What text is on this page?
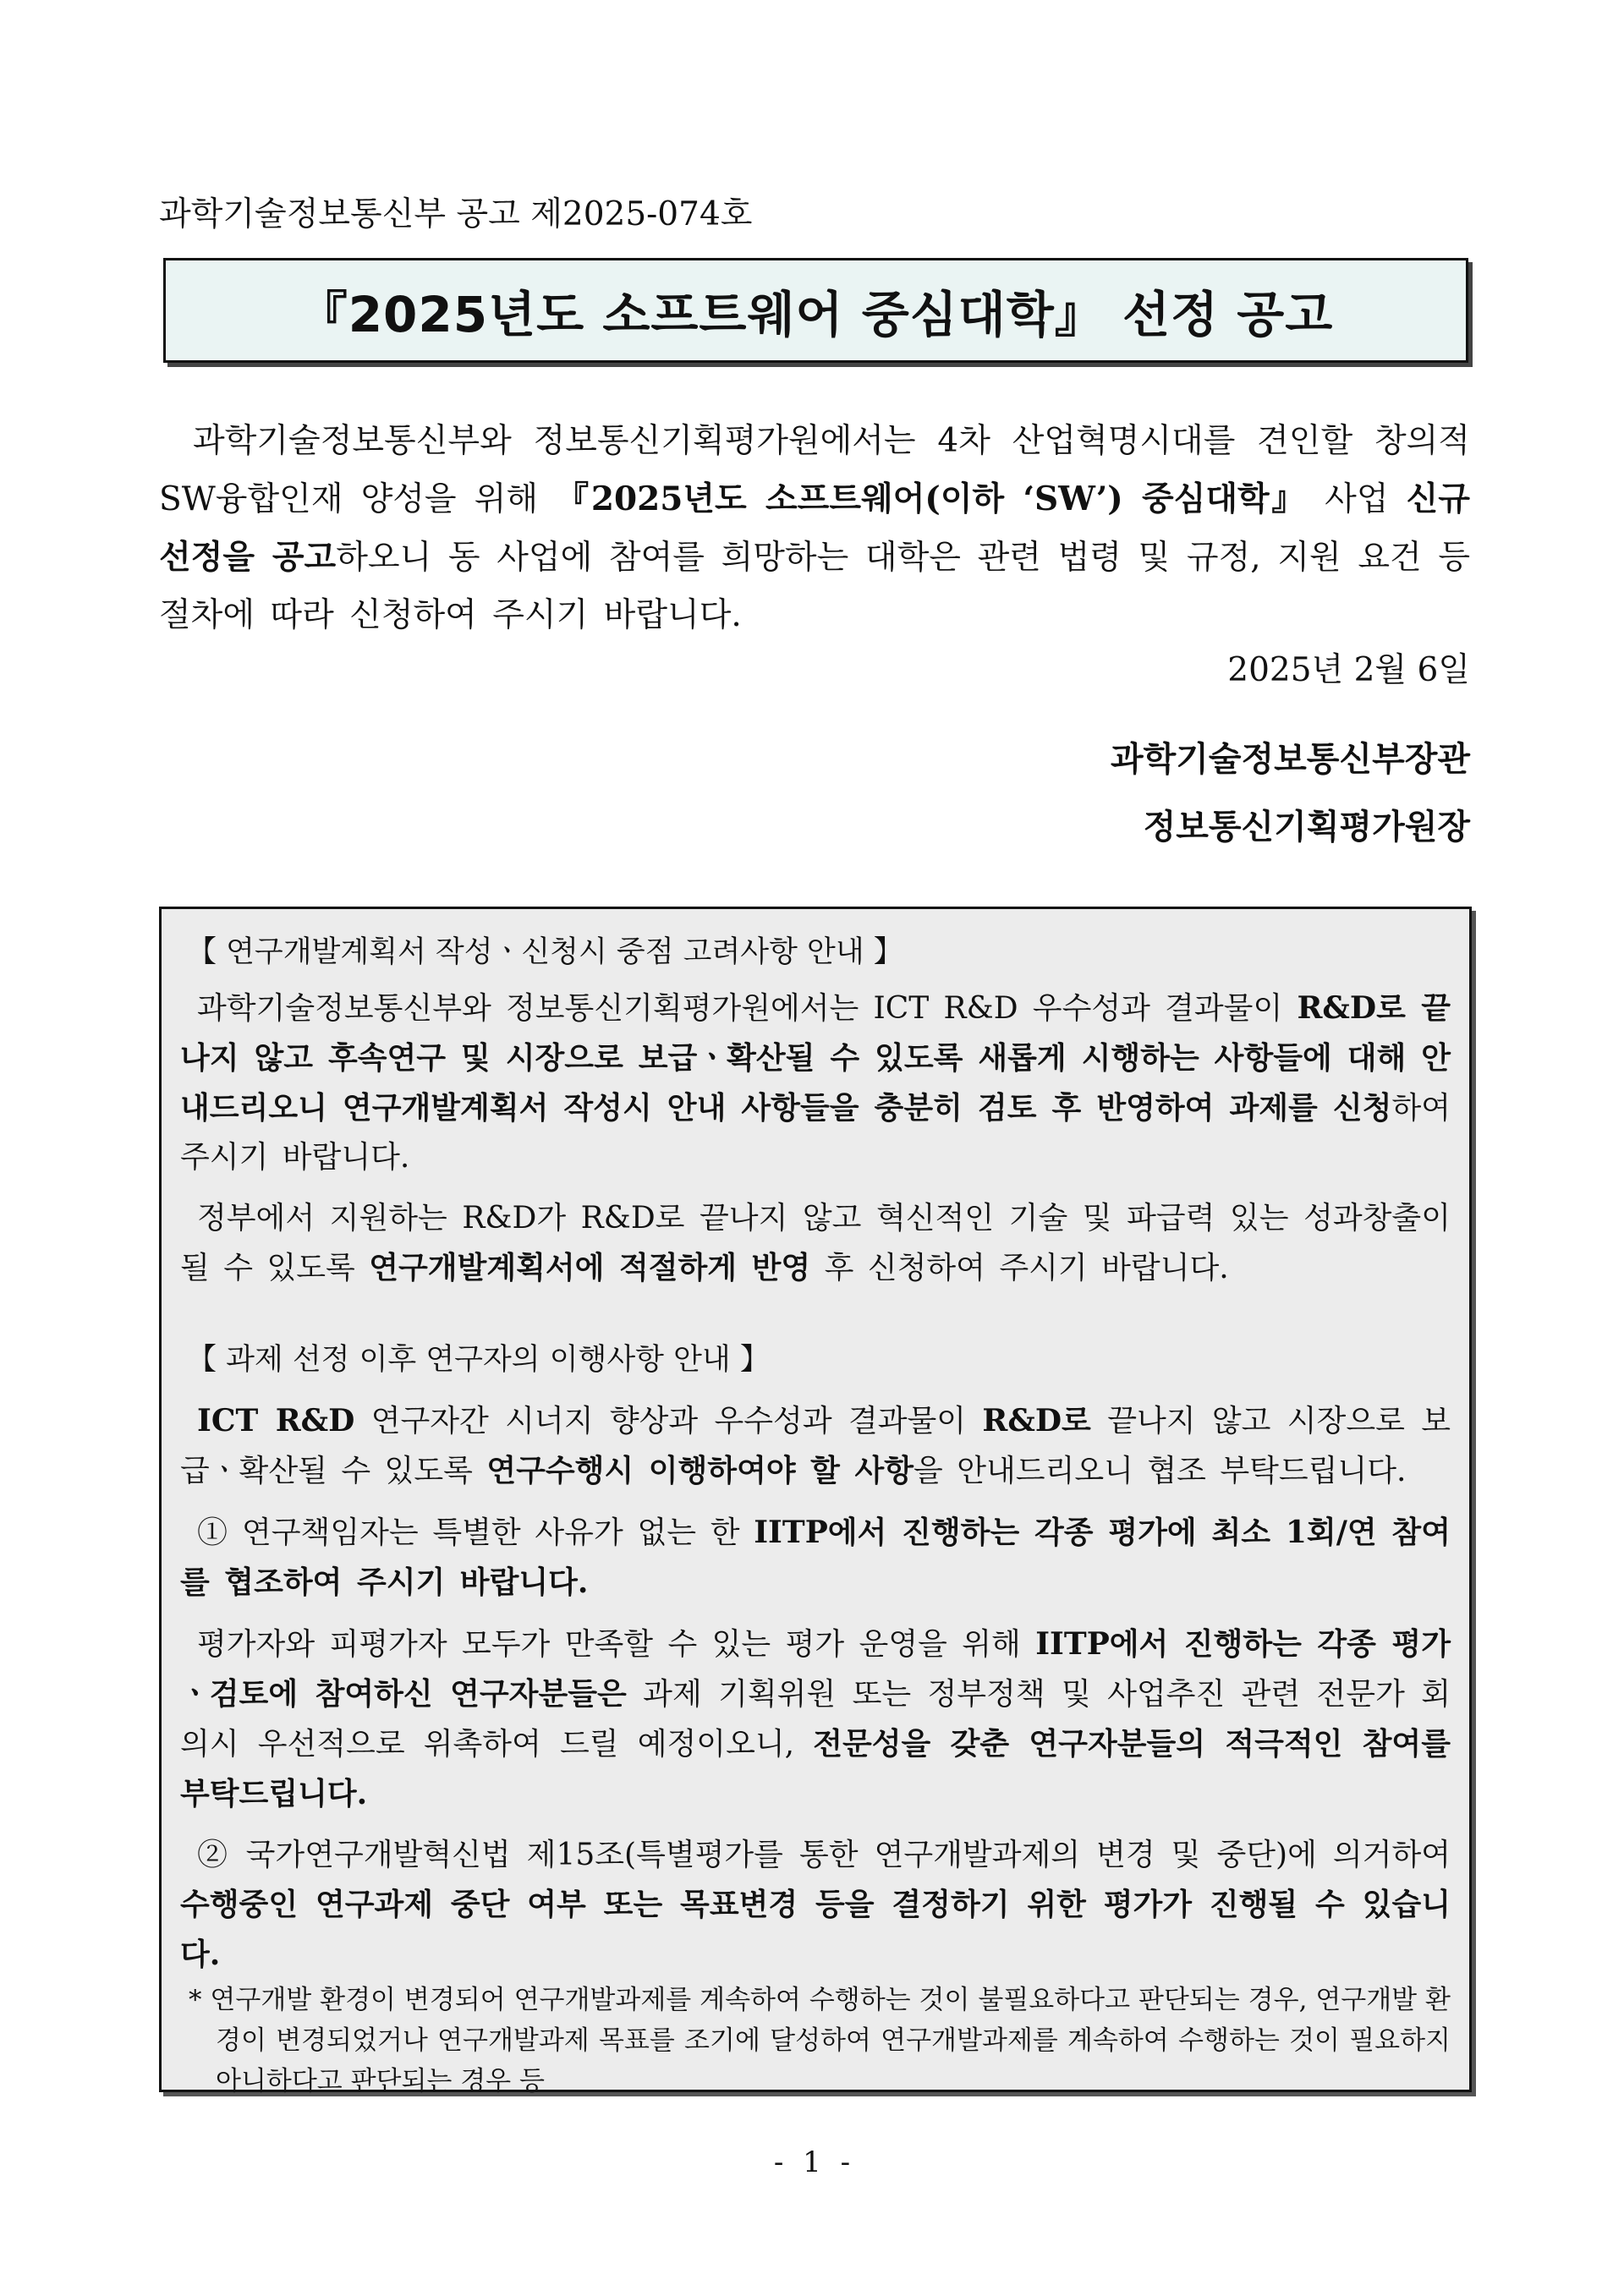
과학기술정보통신부 공고 제2025-074호
『2025년도 소프트웨어 중심대학』 선정 공고

과학기술정보통신부와 정보통신기획평가원에서는 4차 산업혁명시대를 견인할 창의적 SW융합인재 양성을 위해 『2025년도 소프트웨어(이하 ‘SW’) 중심대학』 사업 신규 선정을 공고하오니 동 사업에 참여를 희망하는 대학은 관련 법령 및 규정, 지원 요건 등 절차에 따라 신청하여 주시기 바랍니다.

2025년 2월 6일
과학기술정보통신부장관
정보통신기획평가원장

【 연구개발계획서 작성ㆍ신청시 중점 고려사항 안내 】

과학기술정보통신부와 정보통신기획평가원에서는 ICT R&D 우수성과 결과물이 R&D로 끝나지 않고 후속연구 및 시장으로 보급ㆍ확산될 수 있도록 새롭게 시행하는 사항들에 대해 안내드리오니 연구개발계획서 작성시 안내 사항들을 충분히 검토 후 반영하여 과제를 신청하여 주시기 바랍니다.

정부에서 지원하는 R&D가 R&D로 끝나지 않고 혁신적인 기술 및 파급력 있는 성과창출이 될 수 있도록 연구개발계획서에 적절하게 반영 후 신청하여 주시기 바랍니다.

【 과제 선정 이후 연구자의 이행사항 안내 】

ICT R&D 연구자간 시너지 향상과 우수성과 결과물이 R&D로 끝나지 않고 시장으로 보급ㆍ확산될 수 있도록 연구수행시 이행하여야 할 사항을 안내드리오니 협조 부탁드립니다.

① 연구책임자는 특별한 사유가 없는 한 IITP에서 진행하는 각종 평가에 최소 1회/연 참여를 협조하여 주시기 바랍니다.

평가자와 피평가자 모두가 만족할 수 있는 평가 운영을 위해 IITP에서 진행하는 각종 평가ㆍ검토에 참여하신 연구자분들은 과제 기획위원 또는 정부정책 및 사업추진 관련 전문가 회의시 우선적으로 위촉하여 드릴 예정이오니, 전문성을 갖춘 연구자분들의 적극적인 참여를 부탁드립니다.

② 국가연구개발혁신법 제15조(특별평가를 통한 연구개발과제의 변경 및 중단)에 의거하여 수행중인 연구과제 중단 여부 또는 목표변경 등을 결정하기 위한 평가가 진행될 수 있습니다.

* 연구개발 환경이 변경되어 연구개발과제를 계속하여 수행하는 것이 불필요하다고 판단되는 경우, 연구개발 환경이 변경되었거나 연구개발과제 목표를 조기에 달성하여 연구개발과제를 계속하여 수행하는 것이 필요하지 아니하다고 판단되는 경우 등

- 1 -
